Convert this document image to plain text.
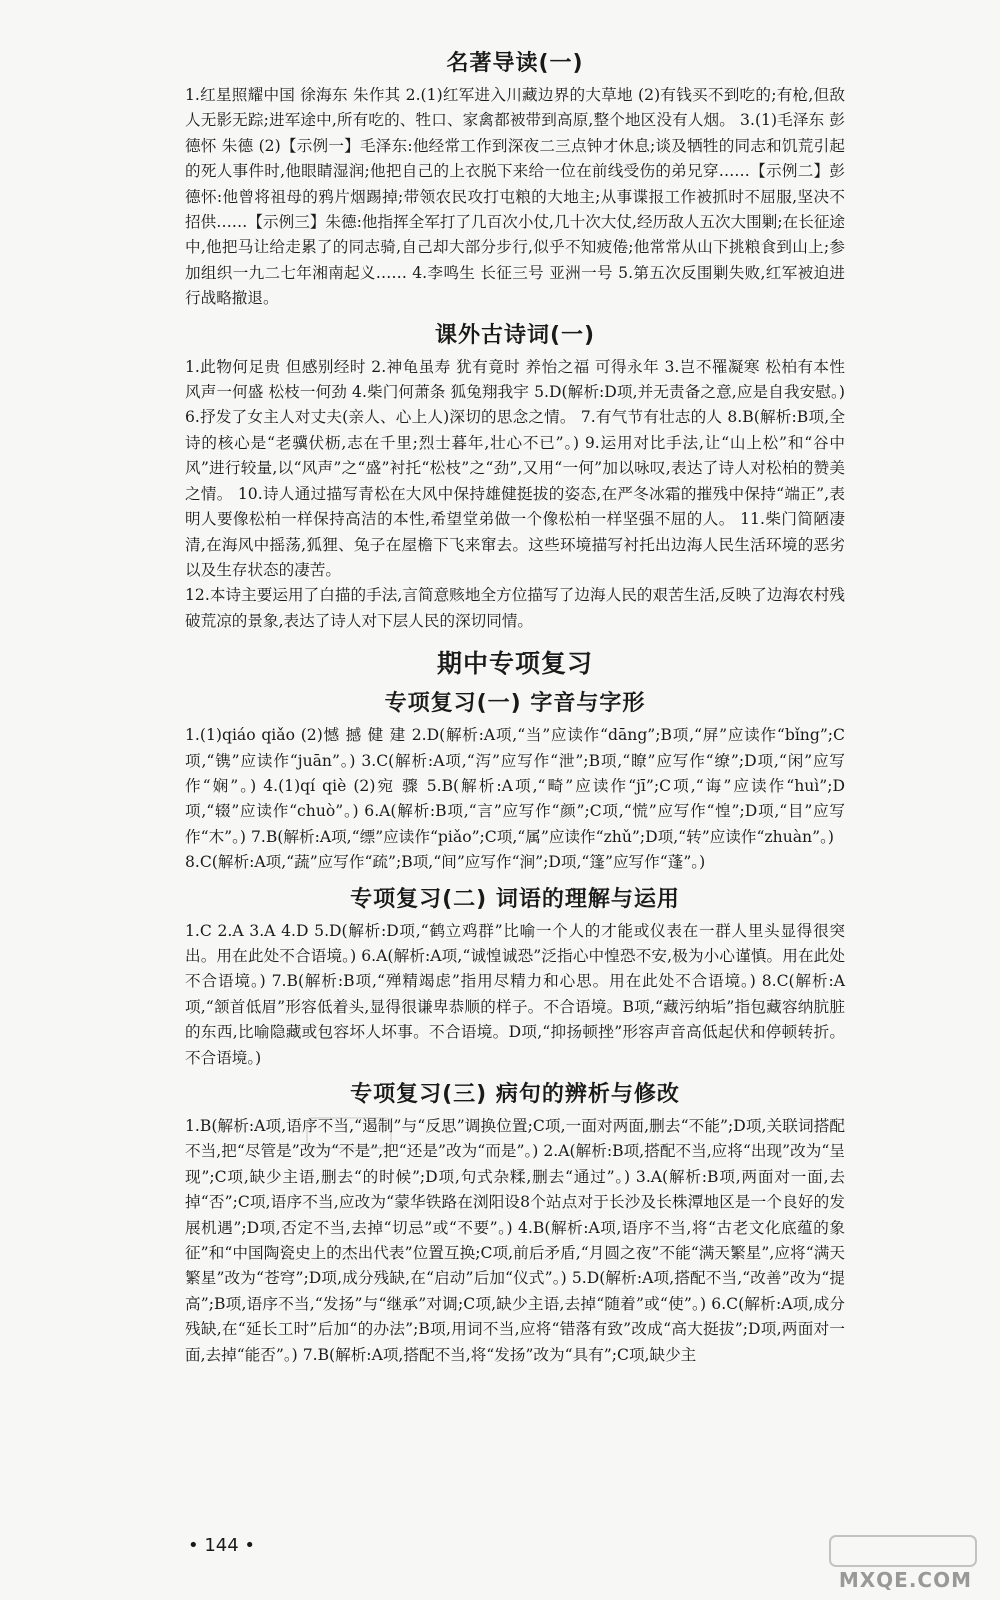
名著导读(一)

1.红星照耀中国 徐海东 朱作其 2.(1)红军进入川藏边界的大草地 (2)有钱买不到吃的;有枪,但敌人无影无踪;进军途中,所有吃的、牲口、家禽都被带到高原,整个地区没有人烟。 3.(1)毛泽东 彭德怀 朱德 (2)【示例一】毛泽东:他经常工作到深夜二三点钟才休息;谈及牺牲的同志和饥荒引起的死人事件时,他眼睛湿润;他把自己的上衣脱下来给一位在前线受伤的弟兄穿……【示例二】彭德怀:他曾将祖母的鸦片烟踢掉;带领农民攻打屯粮的大地主;从事谍报工作被抓时不屈服,坚决不招供……【示例三】朱德:他指挥全军打了几百次小仗,几十次大仗,经历敌人五次大围剿;在长征途中,他把马让给走累了的同志骑,自己却大部分步行,似乎不知疲倦;他常常从山下挑粮食到山上;参加组织一九二七年湘南起义…… 4.李鸣生 长征三号 亚洲一号 5.第五次反围剿失败,红军被迫进行战略撤退。

课外古诗词(一)

1.此物何足贵 但感别经时 2.神龟虽寿 犹有竟时 养怡之福 可得永年 3.岂不罹凝寒 松柏有本性 风声一何盛 松枝一何劲 4.柴门何萧条 狐兔翔我宇 5.D(解析:D项,并无责备之意,应是自我安慰。) 6.抒发了女主人对丈夫(亲人、心上人)深切的思念之情。 7.有气节有壮志的人 8.B(解析:B项,全诗的核心是“老骥伏枥,志在千里;烈士暮年,壮心不已”。) 9.运用对比手法,让“山上松”和“谷中风”进行较量,以“风声”之“盛”衬托“松枝”之“劲”,又用“一何”加以咏叹,表达了诗人对松柏的赞美之情。 10.诗人通过描写青松在大风中保持雄健挺拔的姿态,在严冬冰霜的摧残中保持“端正”,表明人要像松柏一样保持高洁的本性,希望堂弟做一个像松柏一样坚强不屈的人。 11.柴门简陋凄清,在海风中摇荡,狐狸、兔子在屋檐下飞来窜去。这些环境描写衬托出边海人民生活环境的恶劣以及生存状态的凄苦。

12.本诗主要运用了白描的手法,言简意赅地全方位描写了边海人民的艰苦生活,反映了边海农村残破荒凉的景象,表达了诗人对下层人民的深切同情。

期中专项复习
专项复习(一) 字音与字形

1.(1)qiáo qiǎo (2)憾 撼 健 建 2.D(解析:A项,“当”应读作“dāng”;B项,“屏”应读作“bǐng”;C项,“镌”应读作“juān”。) 3.C(解析:A项,“泻”应写作“泄”;B项,“瞭”应写作“缭”;D项,“闲”应写作“娴”。) 4.(1)qí qiè (2)宛 骤 5.B(解析:A项,“畸”应读作“jī”;C项,“诲”应读作“huì”;D项,“辍”应读作“chuò”。) 6.A(解析:B项,“言”应写作“颜”;C项,“慌”应写作“惶”;D项,“目”应写作“木”。) 7.B(解析:A项,“缥”应读作“piǎo”;C项,“属”应读作“zhǔ”;D项,“转”应读作“zhuàn”。)

8.C(解析:A项,“蔬”应写作“疏”;B项,“间”应写作“涧”;D项,“篷”应写作“蓬”。)

专项复习(二) 词语的理解与运用

1.C 2.A 3.A 4.D 5.D(解析:D项,“鹤立鸡群”比喻一个人的才能或仪表在一群人里头显得很突出。用在此处不合语境。) 6.A(解析:A项,“诚惶诚恐”泛指心中惶恐不安,极为小心谨慎。用在此处不合语境。) 7.B(解析:B项,“殚精竭虑”指用尽精力和心思。用在此处不合语境。) 8.C(解析:A项,“颔首低眉”形容低着头,显得很谦卑恭顺的样子。不合语境。B项,“藏污纳垢”指包藏容纳肮脏的东西,比喻隐藏或包容坏人坏事。不合语境。D项,“抑扬顿挫”形容声音高低起伏和停顿转折。不合语境。)

专项复习(三) 病句的辨析与修改

1.B(解析:A项,语序不当,“遏制”与“反思”调换位置;C项,一面对两面,删去“不能”;D项,关联词搭配不当,把“尽管是”改为“不是”,把“还是”改为“而是”。) 2.A(解析:B项,搭配不当,应将“出现”改为“呈现”;C项,缺少主语,删去“的时候”;D项,句式杂糅,删去“通过”。) 3.A(解析:B项,两面对一面,去掉“否”;C项,语序不当,应改为“蒙华铁路在浏阳设8个站点对于长沙及长株潭地区是一个良好的发展机遇”;D项,否定不当,去掉“切忌”或“不要”。) 4.B(解析:A项,语序不当,将“古老文化底蕴的象征”和“中国陶瓷史上的杰出代表”位置互换;C项,前后矛盾,“月圆之夜”不能“满天繁星”,应将“满天繁星”改为“苍穹”;D项,成分残缺,在“启动”后加“仪式”。) 5.D(解析:A项,搭配不当,“改善”改为“提高”;B项,语序不当,“发扬”与“继承”对调;C项,缺少主语,去掉“随着”或“使”。) 6.C(解析:A项,成分残缺,在“延长工时”后加“的办法”;B项,用词不当,应将“错落有致”改成“高大挺拔”;D项,两面对一面,去掉“能否”。) 7.B(解析:A项,搭配不当,将“发扬”改为“具有”;C项,缺少主

• 144 •
MXQE.COM
